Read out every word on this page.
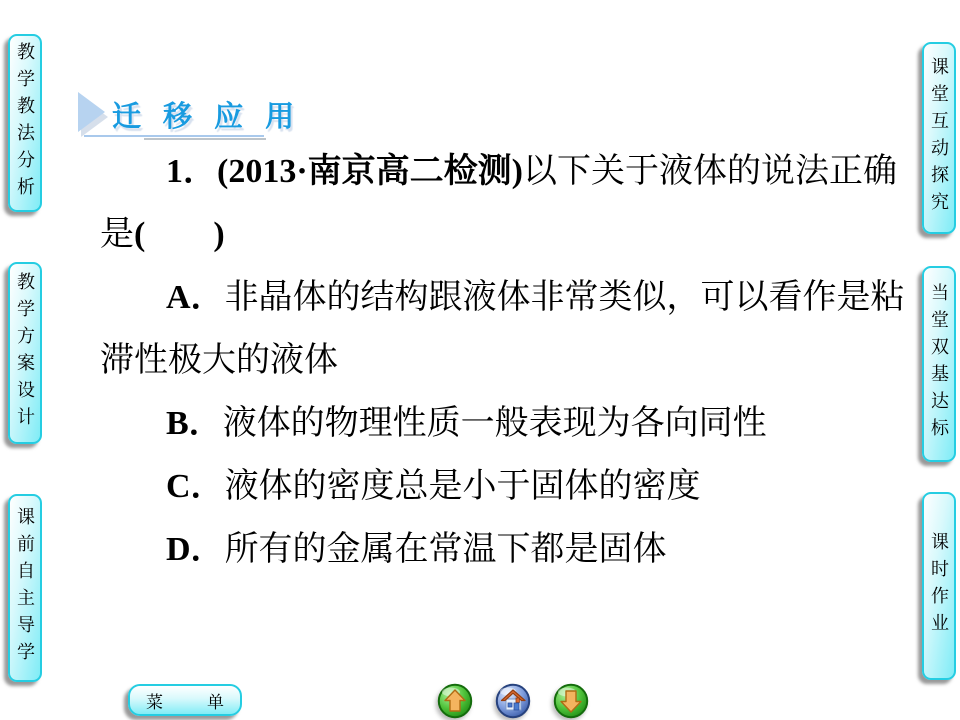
教学教法分析
教学方案设计
课前自主导学
课堂互动探究
当堂双基达标
课时作业
迁 移 应 用
1．(2013·南京高二检测)以下关于液体的说法正确
是(　　)
A．非晶体的结构跟液体非常类似，可以看作是粘
滞性极大的液体
B．液体的物理性质一般表现为各向同性
C．液体的密度总是小于固体的密度
D．所有的金属在常温下都是固体
菜	单
